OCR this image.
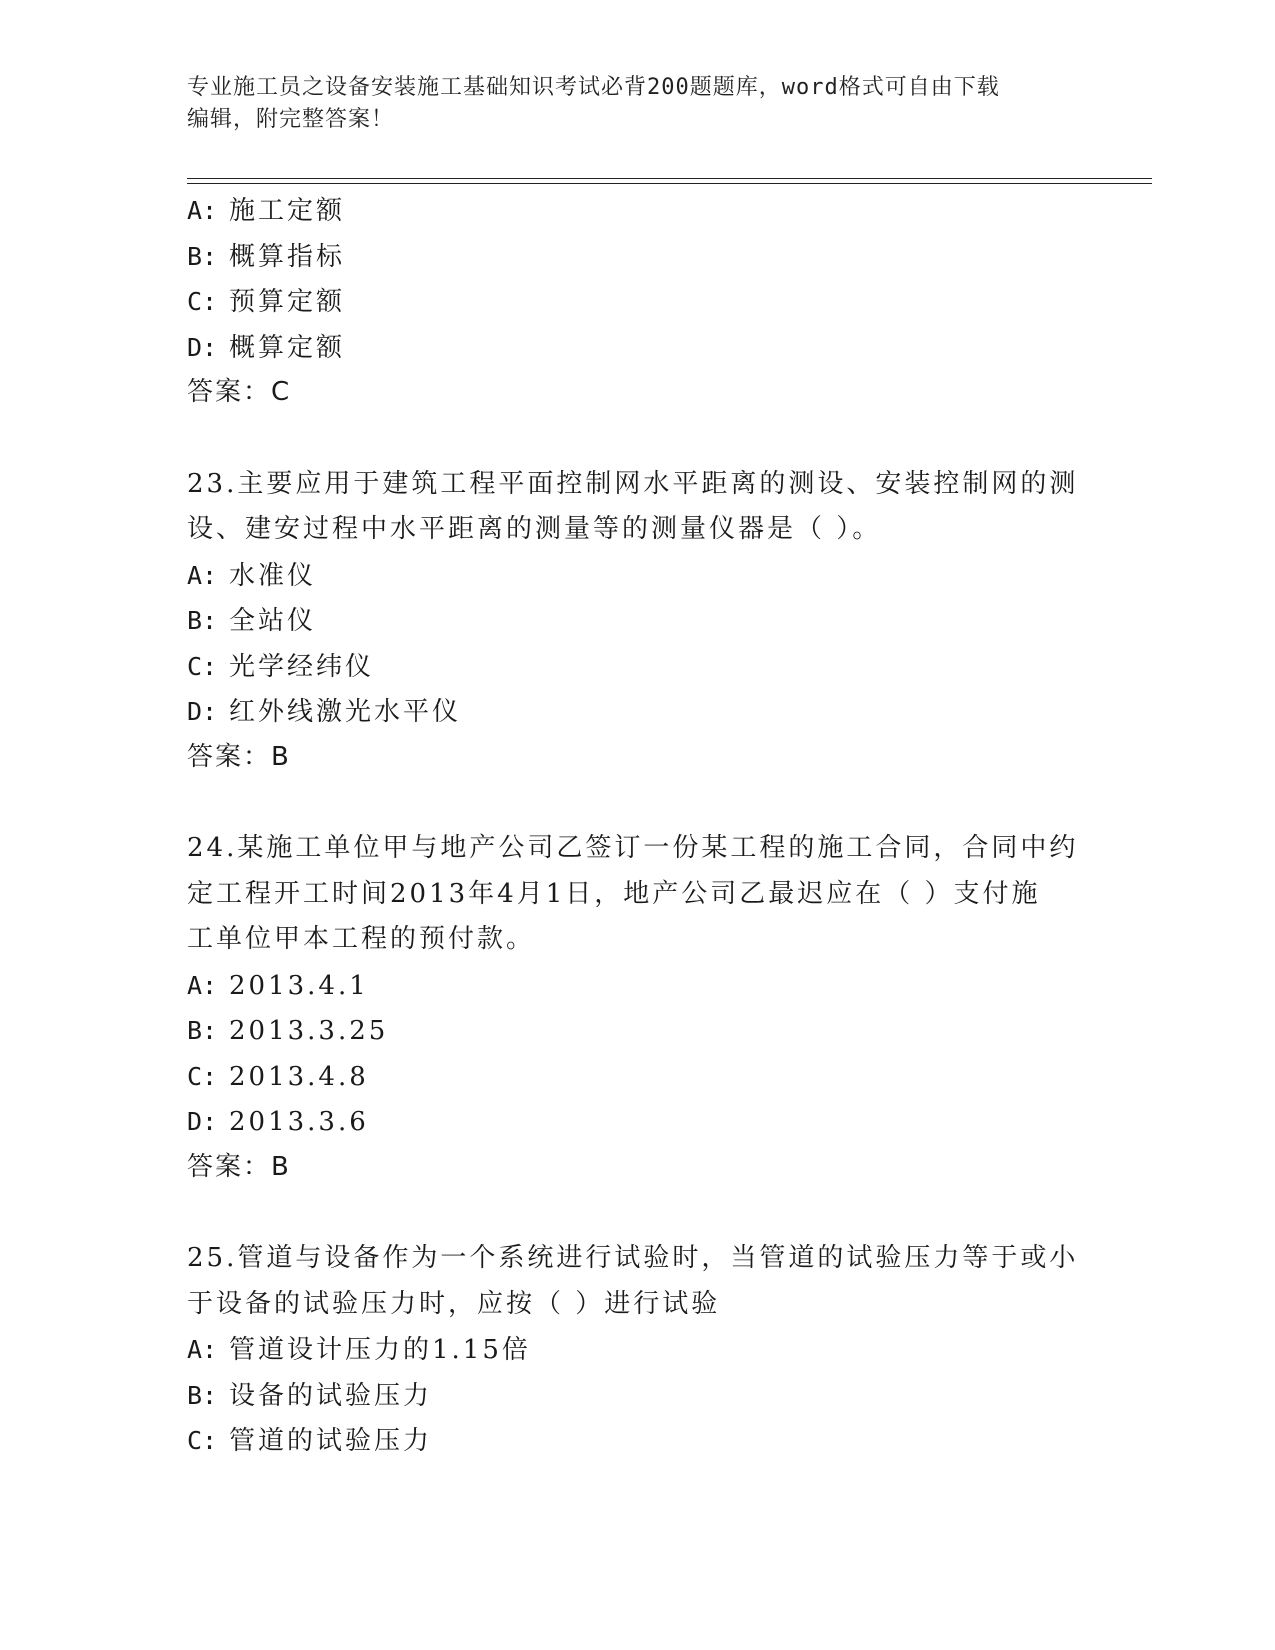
专业施工员之设备安装施工基础知识考试必背200题题库，word格式可自由下载
编辑，附完整答案！
A: 施工定额
B: 概算指标
C: 预算定额
D: 概算定额
答案：C
23.主要应用于建筑工程平面控制网水平距离的测设、安装控制网的测
设、建安过程中水平距离的测量等的测量仪器是（ ）。
A: 水准仪
B: 全站仪
C: 光学经纬仪
D: 红外线激光水平仪
答案：B
24.某施工单位甲与地产公司乙签订一份某工程的施工合同，合同中约
定工程开工时间2013年4月1日，地产公司乙最迟应在（ ）支付施
工单位甲本工程的预付款。
A: 2013.4.1
B: 2013.3.25
C: 2013.4.8
D: 2013.3.6
答案：B
25.管道与设备作为一个系统进行试验时，当管道的试验压力等于或小
于设备的试验压力时，应按（ ）进行试验
A: 管道设计压力的1.15倍
B: 设备的试验压力
C: 管道的试验压力
